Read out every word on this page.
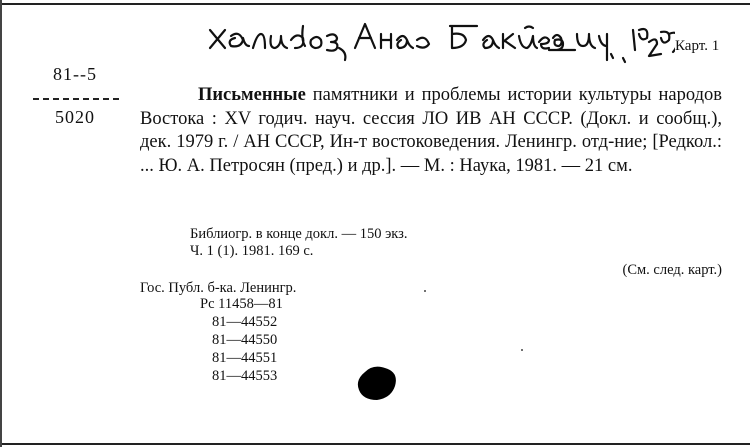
Карт. 1
81--5
5020

Письменные памятники и проблемы истории культуры народов Востока : XV годич. науч. сессия ЛО ИВ АН СССР. (Докл. и сообщ.), дек. 1979 г. / АН СССР, Ин-т востоковедения. Ленингр. отд-ние; [Редкол.: ... Ю. А. Петросян (пред.) и др.]. — М. : Наука, 1981. — 21 см.

Библиогр. в конце докл. — 150 экз.
Ч. 1 (1). 1981. 169 с.
(См. след. карт.)
Гос. Публ. б-ка. Ленингр.
Рс 11458—81
81—44552
81—44550
81—44551
81—44553
